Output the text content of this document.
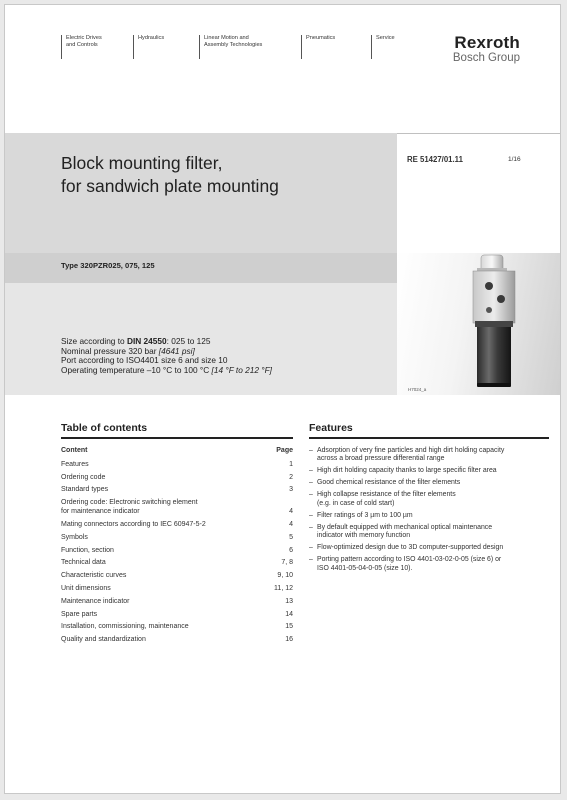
Electric Drives
and Controls
Hydraulics	Linear Motion and
Assembly Technologies
Pneumatics	Service	Rexroth
Bosch Group
Block mounting filter,
for sandwich plate mounting
RE 51427/01.11	1/16
Type 320PZR025, 075, 125
Size according to DIN 24550: 025 to 125
Nominal pressure 320 bar [4641 psi]
Port according to ISO4401 size 6 and size 10
Operating temperature –10 °C to 100 °C [14 °F to 212 °F]
H7024_a
Table of contents
Content	Page
Features	1
Ordering code	2
Standard types	3
Ordering code: Electronic switching element
for maintenance indicator	4
Mating connectors according to IEC 60947-5-2	4
Symbols	5
Function, section	6
Technical data	7, 8
Characteristic curves	9, 10
Unit dimensions	11, 12
Maintenance indicator	13
Spare parts	14
Installation, commissioning, maintenance	15
Quality and standardization	16
Features
– Adsorption of very fine particles and high dirt holding capacity
across a broad pressure differential range
– High dirt holding capacity thanks to large specific filter area
– Good chemical resistance of the filter elements
– High collapse resistance of the filter elements
(e.g. in case of cold start)
– Filter ratings of 3 µm to 100 µm
– By default equipped with mechanical optical maintenance
indicator with memory function
– Flow-optimized design due to 3D computer-supported design
– Porting pattern according to ISO 4401-03-02-0-05 (size 6) or
ISO 4401-05-04-0-05 (size 10).
